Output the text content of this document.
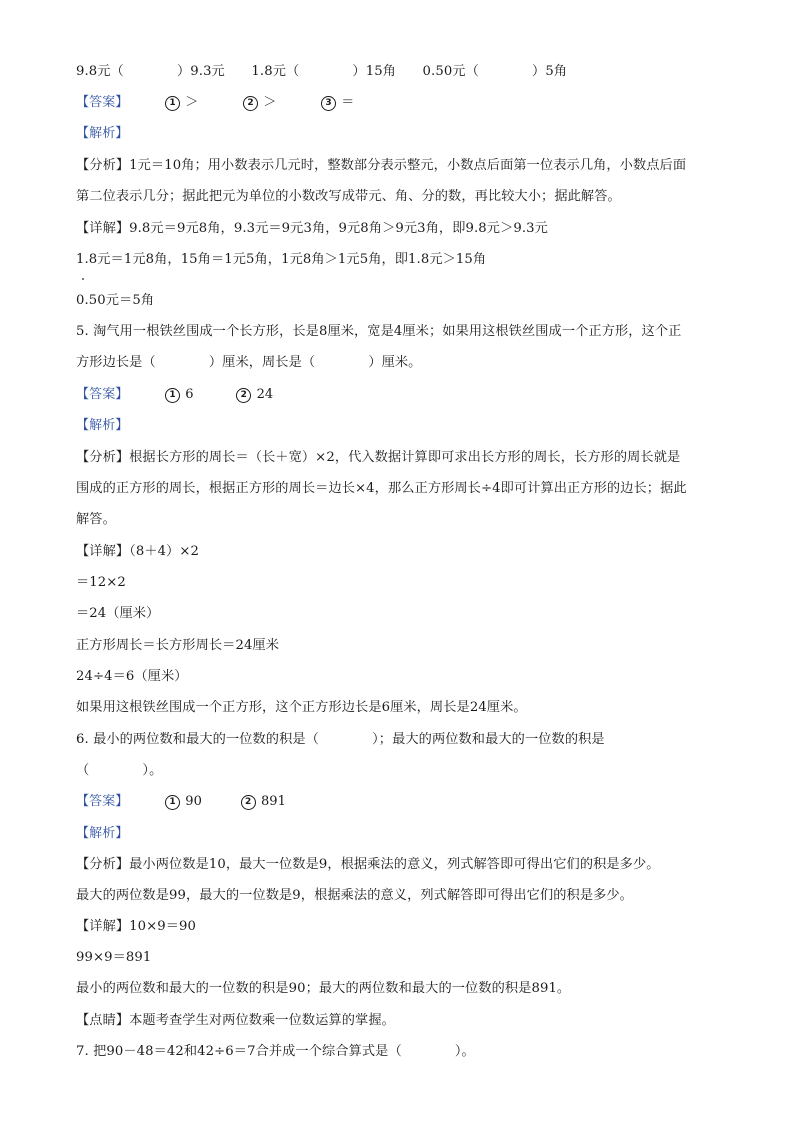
9.8元（　　　　）9.3元　　1.8元（　　　　）15角　　0.50元（　　　　）5角
【答案】	1 ＞	2 ＞	3 ＝
【解析】
【分析】1元＝10角；用小数表示几元时，整数部分表示整元，小数点后面第一位表示几角，小数点后面
第二位表示几分；据此把元为单位的小数改写成带元、角、分的数，再比较大小；据此解答。
【详解】9.8元＝9元8角，9.3元＝9元3角，9元8角＞9元3角，即9.8元＞9.3元
1.8元＝1元8角，15角＝1元5角，1元8角＞1元5角，即1.8元＞15角
0.50元＝5角
5. 淘气用一根铁丝围成一个长方形，长是8厘米，宽是4厘米；如果用这根铁丝围成一个正方形，这个正
方形边长是（　　　　）厘米，周长是（　　　　）厘米。
【答案】	1 6	2 24
【解析】
【分析】根据长方形的周长＝（长＋宽）×2，代入数据计算即可求出长方形的周长，长方形的周长就是
围成的正方形的周长，根据正方形的周长＝边长×4，那么正方形周长÷4即可计算出正方形的边长；据此
解答。
【详解】（8＋4）×2
＝12×2
＝24（厘米）
正方形周长＝长方形周长＝24厘米
24÷4＝6（厘米）
如果用这根铁丝围成一个正方形，这个正方形边长是6厘米，周长是24厘米。
6. 最小的两位数和最大的一位数的积是（　　　　）；最大的两位数和最大的一位数的积是
（　　　　）。
【答案】	1 90	2 891
【解析】
【分析】最小两位数是10，最大一位数是9，根据乘法的意义，列式解答即可得出它们的积是多少。
最大的两位数是99，最大的一位数是9，根据乘法的意义，列式解答即可得出它们的积是多少。
【详解】10×9＝90
99×9＝891
最小的两位数和最大的一位数的积是90；最大的两位数和最大的一位数的积是891。
【点睛】本题考查学生对两位数乘一位数运算的掌握。
7. 把90－48＝42和42÷6＝7合并成一个综合算式是（　　　　）。
